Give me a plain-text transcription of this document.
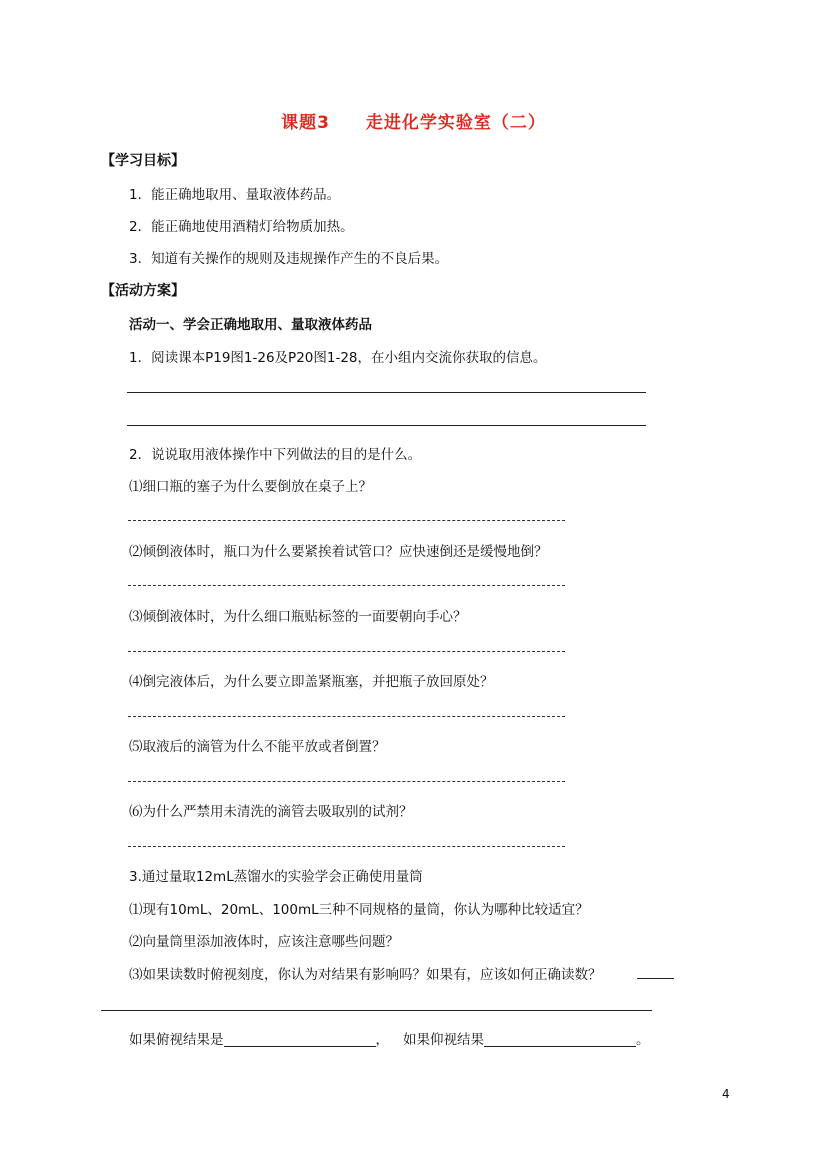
课题3 走进化学实验室（二）
【学习目标】
1．能正确地取用、量取液体药品。
2．能正确地使用酒精灯给物质加热。
3．知道有关操作的规则及违规操作产生的不良后果。
【活动方案】
活动一、学会正确地取用、量取液体药品
1．阅读课本P19图1-26及P20图1-28，在小组内交流你获取的信息。
2．说说取用液体操作中下列做法的目的是什么。
⑴细口瓶的塞子为什么要倒放在桌子上？
⑵倾倒液体时，瓶口为什么要紧挨着试管口？应快速倒还是缓慢地倒？
⑶倾倒液体时，为什么细口瓶贴标签的一面要朝向手心？
⑷倒完液体后，为什么要立即盖紧瓶塞，并把瓶子放回原处？
⑸取液后的滴管为什么不能平放或者倒置？
⑹为什么严禁用未清洗的滴管去吸取别的试剂？
3.通过量取12mL蒸馏水的实验学会正确使用量筒
⑴现有10mL、20mL、100mL三种不同规格的量筒，你认为哪种比较适宜？
⑵向量筒里添加液体时，应该注意哪些问题？
⑶如果读数时俯视刻度，你认为对结果有影响吗？如果有，应该如何正确读数？
如果俯视结果是	， 如果仰视结果	。
4
